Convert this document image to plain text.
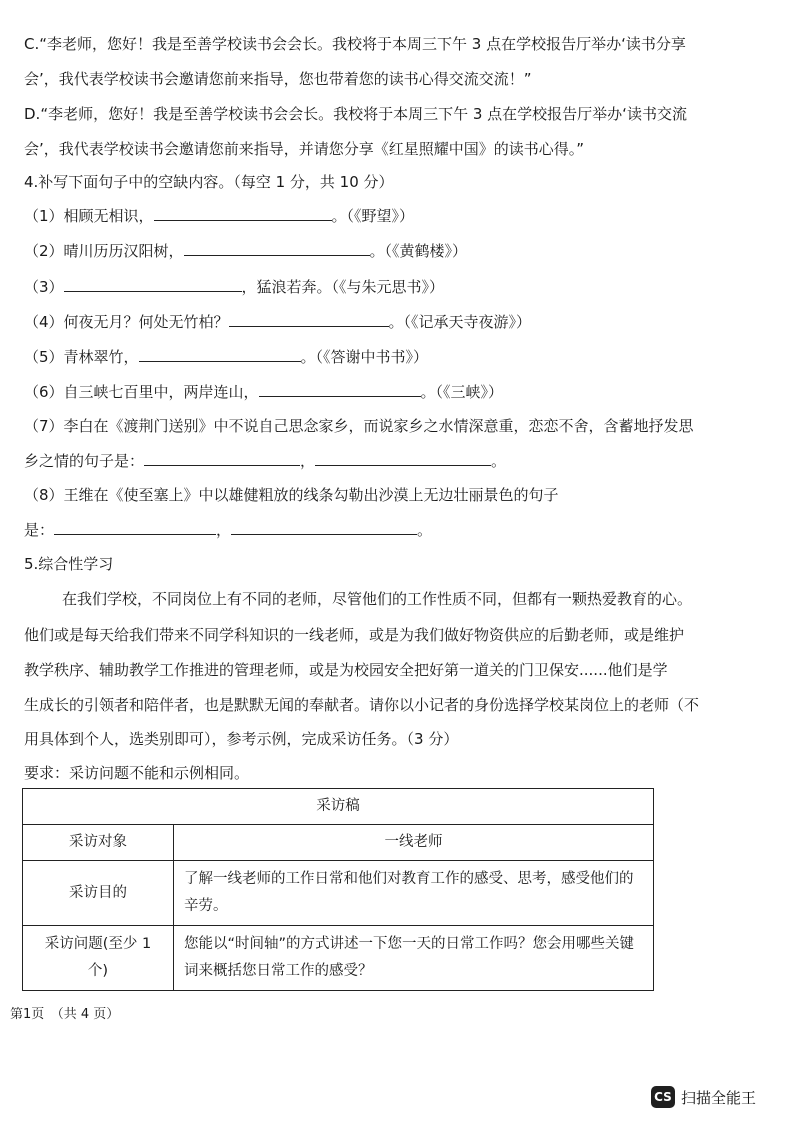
C.“李老师，您好！我是至善学校读书会会长。我校将于本周三下午 3 点在学校报告厅举办‘读书分享
会’，我代表学校读书会邀请您前来指导，您也带着您的读书心得交流交流！”
D.“李老师，您好！我是至善学校读书会会长。我校将于本周三下午 3 点在学校报告厅举办‘读书交流
会’，我代表学校读书会邀请您前来指导，并请您分享《红星照耀中国》的读书心得。”
4.补写下面句子中的空缺内容。（每空 1 分，共 10 分）
（1）相顾无相识，	。（《野望》）
（2）晴川历历汉阳树，	。（《黄鹤楼》）
（3）	，猛浪若奔。（《与朱元思书》）
（4）何夜无月？何处无竹柏？	。（《记承天寺夜游》）
（5）青林翠竹，	。（《答谢中书书》）
（6）自三峡七百里中，两岸连山，	。（《三峡》）
（7）李白在《渡荆门送别》中不说自己思念家乡，而说家乡之水情深意重，恋恋不舍，含蓄地抒发思
乡之情的句子是：	，	。
（8）王维在《使至塞上》中以雄健粗放的线条勾勒出沙漠上无边壮丽景色的句子
是：	，	。
5.综合性学习
在我们学校，不同岗位上有不同的老师，尽管他们的工作性质不同，但都有一颗热爱教育的心。
他们或是每天给我们带来不同学科知识的一线老师，或是为我们做好物资供应的后勤老师，或是维护
教学秩序、辅助教学工作推进的管理老师，或是为校园安全把好第一道关的门卫保安......他们是学
生成长的引领者和陪伴者，也是默默无闻的奉献者。请你以小记者的身份选择学校某岗位上的老师（不
用具体到个人，选类别即可），参考示例，完成采访任务。（3 分）
要求：采访问题不能和示例相同。
采访稿	
采访对象	一线老师
采访目的	了解一线老师的工作日常和他们对教育工作的感受、思考，感受他们的辛劳。
采访问题(至少 1 个)	您能以“时间轴”的方式讲述一下您一天的日常工作吗？您会用哪些关键词来概括您日常工作的感受？
第1页　（共 4 页）
CS 扫描全能王
